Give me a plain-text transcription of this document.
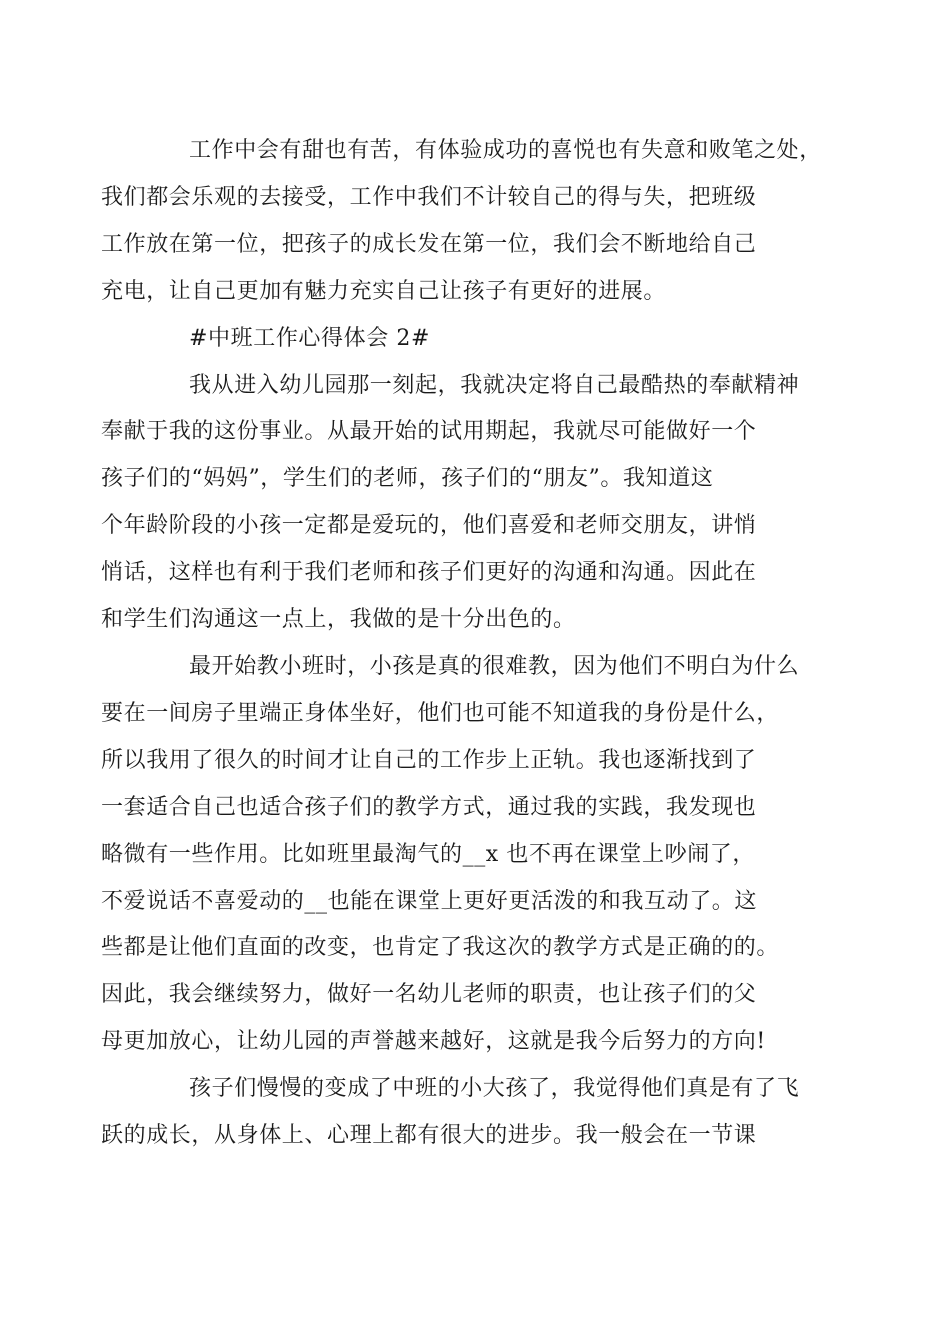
工作中会有甜也有苦，有体验成功的喜悦也有失意和败笔之处，
我们都会乐观的去接受，工作中我们不计较自己的得与失，把班级
工作放在第一位，把孩子的成长发在第一位，我们会不断地给自己
充电，让自己更加有魅力充实自己让孩子有更好的进展。

#中班工作心得体会 2#

我从进入幼儿园那一刻起，我就决定将自己最酷热的奉献精神
奉献于我的这份事业。从最开始的试用期起，我就尽可能做好一个
孩子们的“妈妈”，学生们的老师，孩子们的“朋友”。我知道这
个年龄阶段的小孩一定都是爱玩的，他们喜爱和老师交朋友，讲悄
悄话，这样也有利于我们老师和孩子们更好的沟通和沟通。因此在
和学生们沟通这一点上，我做的是十分出色的。

最开始教小班时，小孩是真的很难教，因为他们不明白为什么
要在一间房子里端正身体坐好，他们也可能不知道我的身份是什么，
所以我用了很久的时间才让自己的工作步上正轨。我也逐渐找到了
一套适合自己也适合孩子们的教学方式，通过我的实践，我发现也
略微有一些作用。比如班里最淘气的__x 也不再在课堂上吵闹了，
不爱说话不喜爱动的__也能在课堂上更好更活泼的和我互动了。这
些都是让他们直面的改变，也肯定了我这次的教学方式是正确的的。
因此，我会继续努力，做好一名幼儿老师的职责，也让孩子们的父
母更加放心，让幼儿园的声誉越来越好，这就是我今后努力的方向!

孩子们慢慢的变成了中班的小大孩了，我觉得他们真是有了飞
跃的成长，从身体上、心理上都有很大的进步。我一般会在一节课
